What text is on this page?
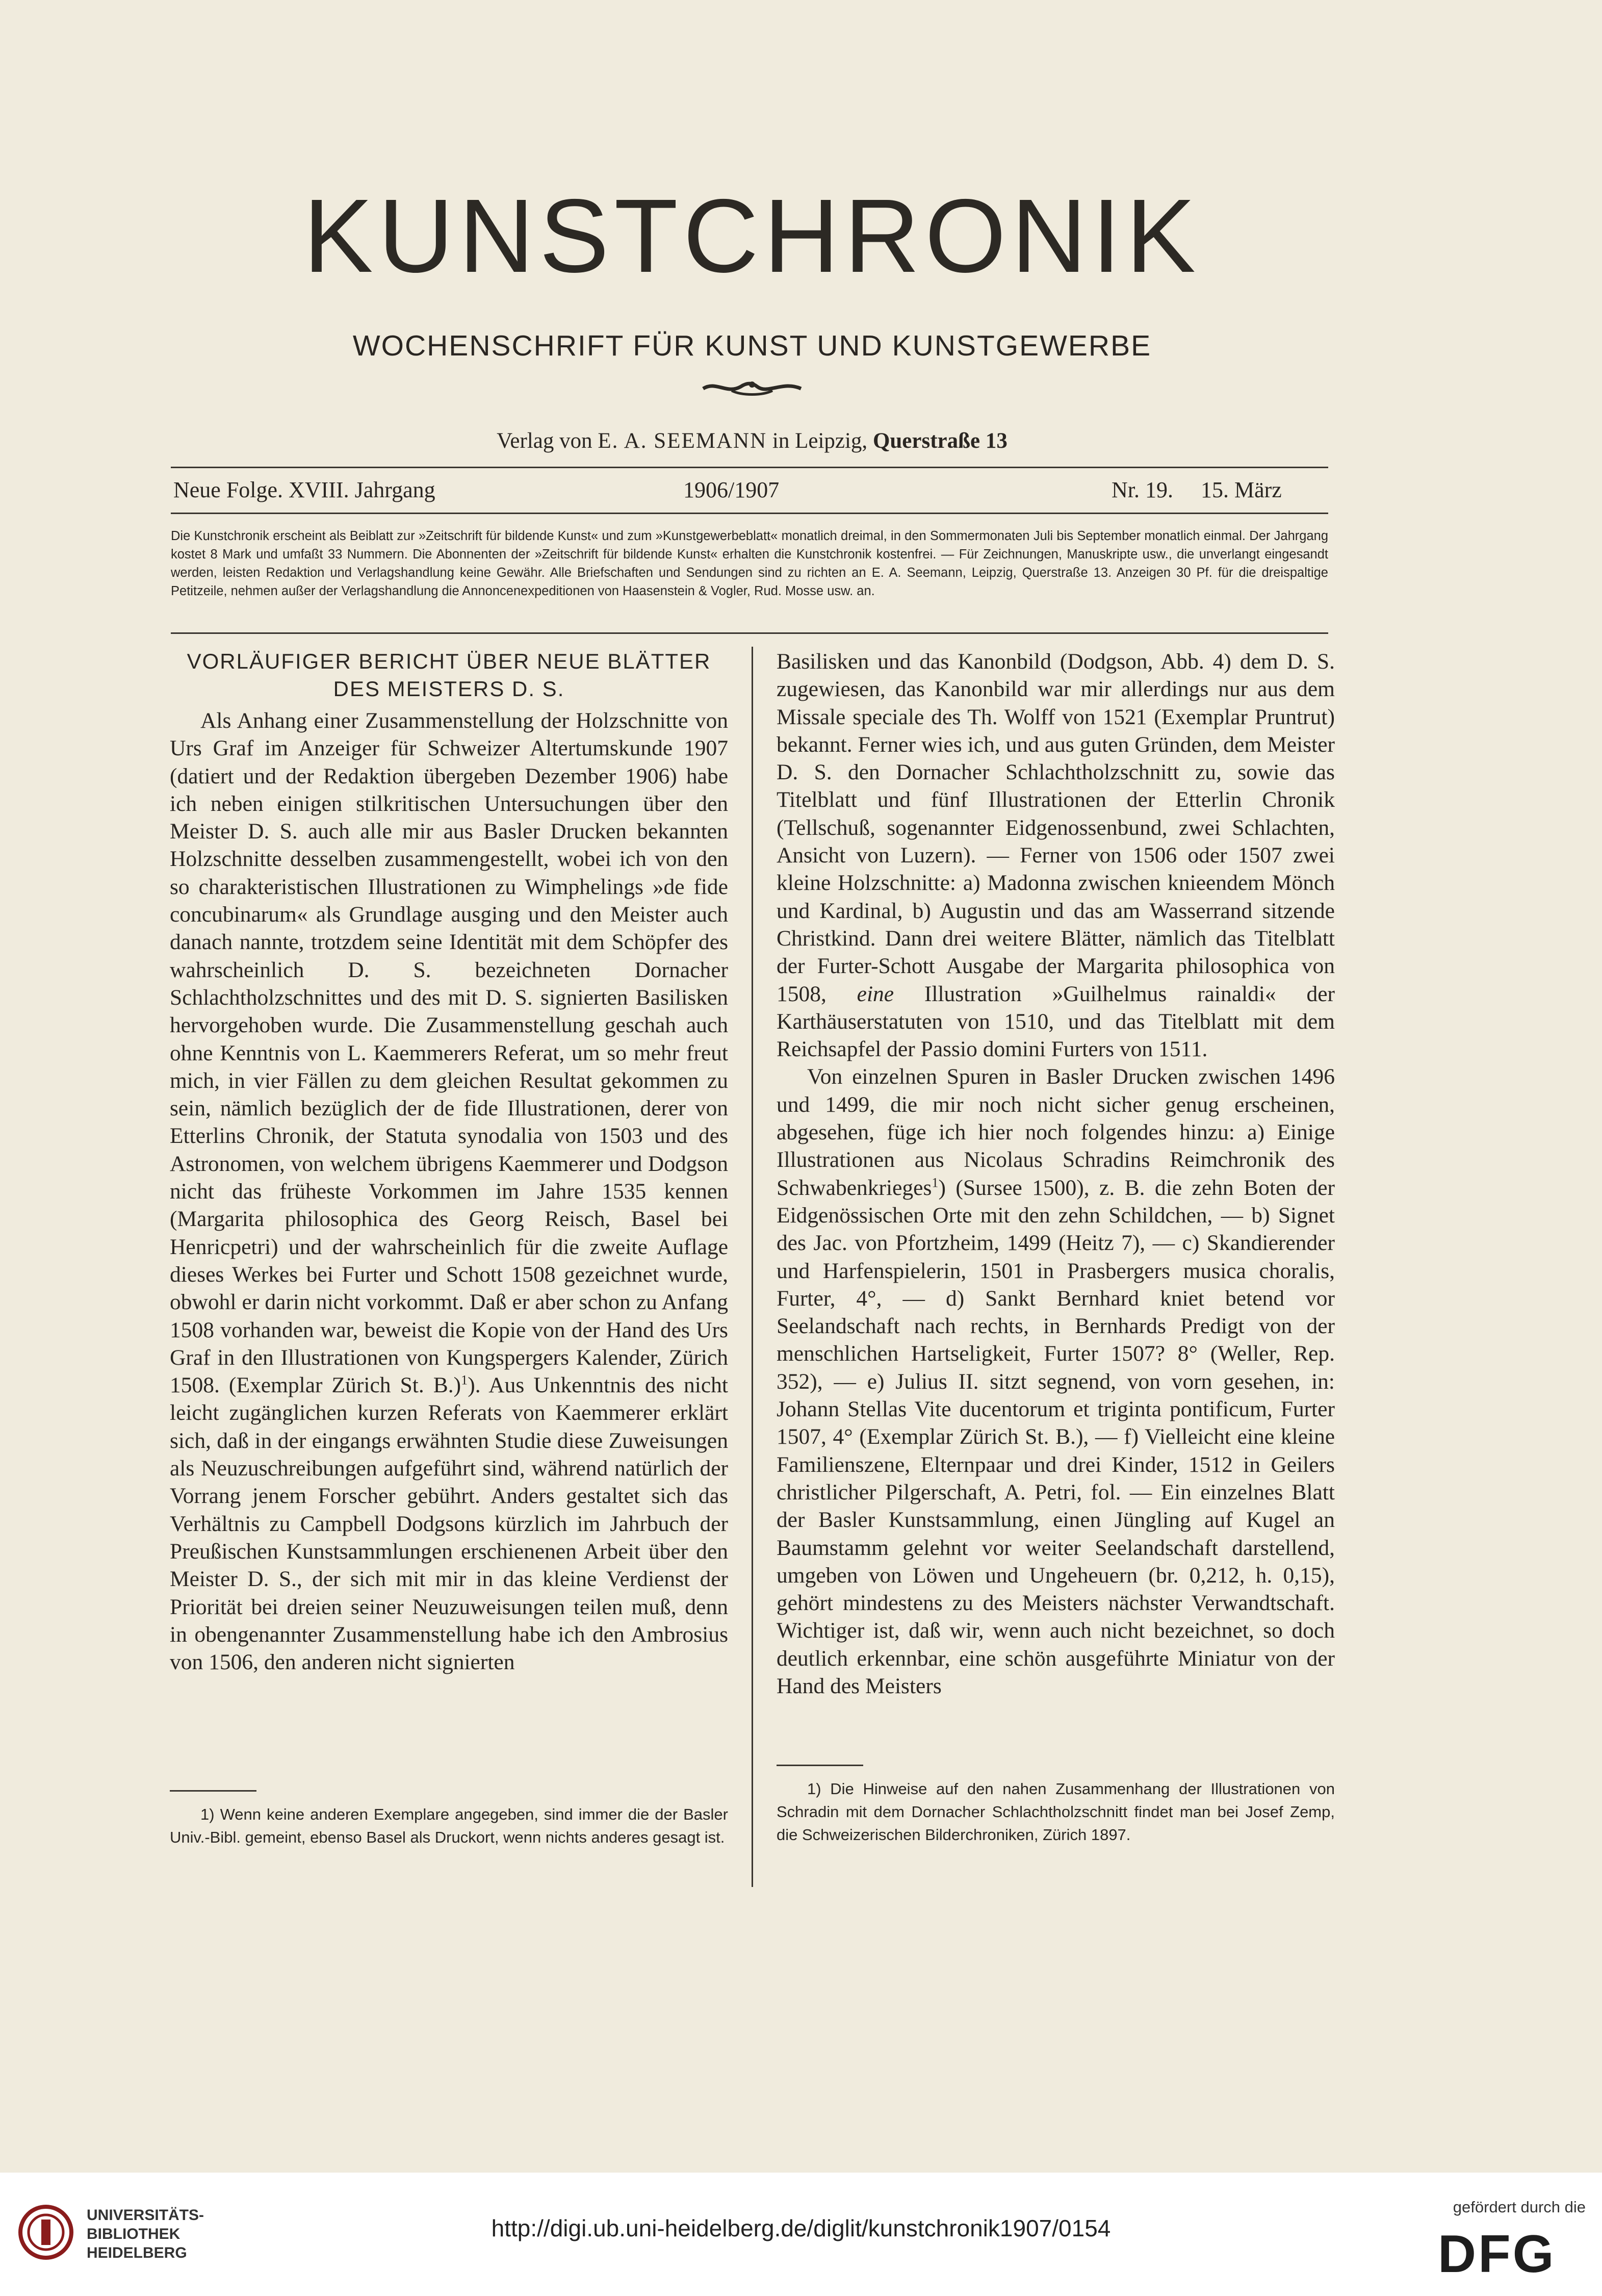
KUNSTCHRONIK
WOCHENSCHRIFT FÜR KUNST UND KUNSTGEWERBE
Verlag von E. A. SEEMANN in Leipzig, Querstraße 13
Neue Folge. XVIII. Jahrgang	1906/1907	Nr. 19. 15. März
Die Kunstchronik erscheint als Beiblatt zur »Zeitschrift für bildende Kunst« und zum »Kunstgewerbeblatt« monatlich dreimal, in den Sommermonaten Juli bis September monatlich einmal. Der Jahrgang kostet 8 Mark und umfaßt 33 Nummern. Die Abonnenten der »Zeitschrift für bildende Kunst« erhalten die Kunstchronik kostenfrei. — Für Zeichnungen, Manuskripte usw., die unverlangt eingesandt werden, leisten Redaktion und Verlagshandlung keine Gewähr. Alle Briefschaften und Sendungen sind zu richten an E. A. Seemann, Leipzig, Querstraße 13. Anzeigen 30 Pf. für die dreispaltige Petitzeile, nehmen außer der Verlagshandlung die Annoncenexpeditionen von Haasenstein & Vogler, Rud. Mosse usw. an.
VORLÄUFIGER BERICHT ÜBER NEUE BLÄTTER DES MEISTERS D. S.

Als Anhang einer Zusammenstellung der Holzschnitte von Urs Graf im Anzeiger für Schweizer Altertumskunde 1907 (datiert und der Redaktion übergeben Dezember 1906) habe ich neben einigen stilkritischen Untersuchungen über den Meister D. S. auch alle mir aus Basler Drucken bekannten Holzschnitte desselben zusammengestellt, wobei ich von den so charakteristischen Illustrationen zu Wimphelings »de fide concubinarum« als Grundlage ausging und den Meister auch danach nannte, trotzdem seine Identität mit dem Schöpfer des wahrscheinlich D. S. bezeichneten Dornacher Schlachtholzschnittes und des mit D. S. signierten Basilisken hervorgehoben wurde. Die Zusammenstellung geschah auch ohne Kenntnis von L. Kaemmerers Referat, um so mehr freut mich, in vier Fällen zu dem gleichen Resultat gekommen zu sein, nämlich bezüglich der de fide Illustrationen, derer von Etterlins Chronik, der Statuta synodalia von 1503 und des Astronomen, von welchem übrigens Kaemmerer und Dodgson nicht das früheste Vorkommen im Jahre 1535 kennen (Margarita philosophica des Georg Reisch, Basel bei Henricpetri) und der wahrscheinlich für die zweite Auflage dieses Werkes bei Furter und Schott 1508 gezeichnet wurde, obwohl er darin nicht vorkommt. Daß er aber schon zu Anfang 1508 vorhanden war, beweist die Kopie von der Hand des Urs Graf in den Illustrationen von Kungspergers Kalender, Zürich 1508. (Exemplar Zürich St. B.)$^1$). Aus Unkenntnis des nicht leicht zugänglichen kurzen Referats von Kaemmerer erklärt sich, daß in der eingangs erwähnten Studie diese Zuweisungen als Neuzuschreibungen aufgeführt sind, während natürlich der Vorrang jenem Forscher gebührt. Anders gestaltet sich das Verhältnis zu Campbell Dodgsons kürzlich im Jahrbuch der Preußischen Kunstsammlungen erschienenen Arbeit über den Meister D. S., der sich mit mir in das kleine Verdienst der Priorität bei dreien seiner Neuzuweisungen teilen muß, denn in obengenannter Zusammenstellung habe ich den Ambrosius von 1506, den anderen nicht signierten

Basilisken und das Kanonbild (Dodgson, Abb. 4) dem D. S. zugewiesen, das Kanonbild war mir allerdings nur aus dem Missale speciale des Th. Wolff von 1521 (Exemplar Pruntrut) bekannt. Ferner wies ich, und aus guten Gründen, dem Meister D. S. den Dornacher Schlachtholzschnitt zu, sowie das Titelblatt und fünf Illustrationen der Etterlin Chronik (Tellschuß, sogenannter Eidgenossenbund, zwei Schlachten, Ansicht von Luzern). — Ferner von 1506 oder 1507 zwei kleine Holzschnitte: a) Madonna zwischen knieendem Mönch und Kardinal, b) Augustin und das am Wasserrand sitzende Christkind. Dann drei weitere Blätter, nämlich das Titelblatt der Furter-Schott Ausgabe der Margarita philosophica von 1508, eine Illustration »Guilhelmus rainaldi« der Karthäuserstatuten von 1510, und das Titelblatt mit dem Reichsapfel der Passio domini Furters von 1511.

Von einzelnen Spuren in Basler Drucken zwischen 1496 und 1499, die mir noch nicht sicher genug erscheinen, abgesehen, füge ich hier noch folgendes hinzu: a) Einige Illustrationen aus Nicolaus Schradins Reimchronik des Schwabenkrieges$^1$) (Sursee 1500), z. B. die zehn Boten der Eidgenössischen Orte mit den zehn Schildchen, — b) Signet des Jac. von Pfortzheim, 1499 (Heitz 7), — c) Skandierender und Harfenspielerin, 1501 in Prasbergers musica choralis, Furter, 4°, — d) Sankt Bernhard kniet betend vor Seelandschaft nach rechts, in Bernhards Predigt von der menschlichen Hartseligkeit, Furter 1507? 8° (Weller, Rep. 352), — e) Julius II. sitzt segnend, von vorn gesehen, in: Johann Stellas Vite ducentorum et triginta pontificum, Furter 1507, 4° (Exemplar Zürich St. B.), — f) Vielleicht eine kleine Familienszene, Elternpaar und drei Kinder, 1512 in Geilers christlicher Pilgerschaft, A. Petri, fol. — Ein einzelnes Blatt der Basler Kunstsammlung, einen Jüngling auf Kugel an Baumstamm gelehnt vor weiter Seelandschaft darstellend, umgeben von Löwen und Ungeheuern (br. 0,212, h. 0,15), gehört mindestens zu des Meisters nächster Verwandtschaft. Wichtiger ist, daß wir, wenn auch nicht bezeichnet, so doch deutlich erkennbar, eine schön ausgeführte Miniatur von der Hand des Meisters

1) Wenn keine anderen Exemplare angegeben, sind immer die der Basler Univ.-Bibl. gemeint, ebenso Basel als Druckort, wenn nichts anderes gesagt ist.
1) Die Hinweise auf den nahen Zusammenhang der Illustrationen von Schradin mit dem Dornacher Schlachtholzschnitt findet man bei Josef Zemp, die Schweizerischen Bilderchroniken, Zürich 1897.
UNIVERSITÄTS-
BIBLIOTHEK
HEIDELBERG
http://digi.ub.uni-heidelberg.de/diglit/kunstchronik1907/0154
gefördert durch die
DFG
